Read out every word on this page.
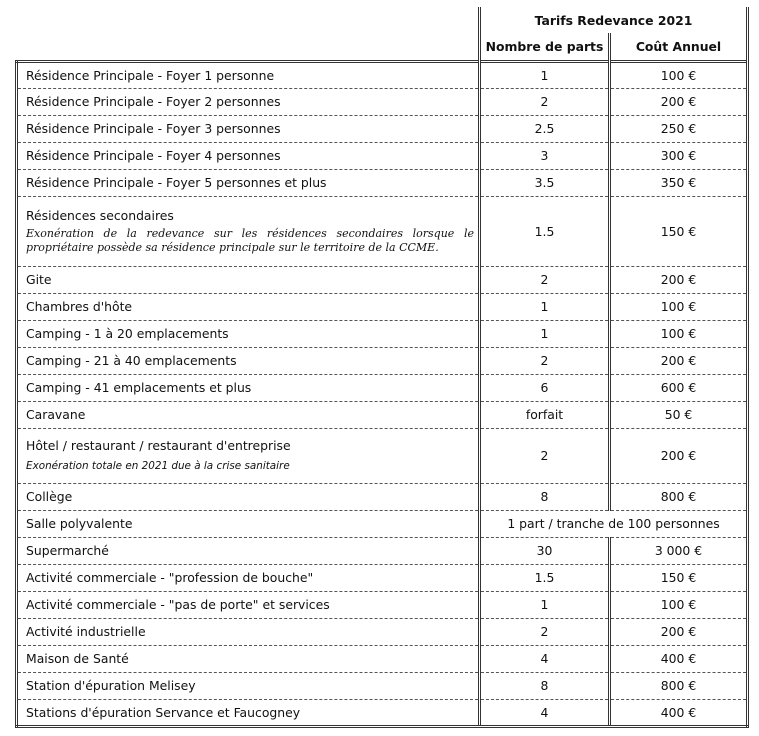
	Tarifs Redevance 2021	
	Nombre de parts	Coût Annuel
Résidence Principale - Foyer 1 personne	1	100 €
Résidence Principale - Foyer 2 personnes	2	200 €
Résidence Principale - Foyer 3 personnes	2.5	250 €
Résidence Principale - Foyer 4 personnes	3	300 €
Résidence Principale - Foyer 5 personnes et plus	3.5	350 €

Résidences secondaires
Exonération de la redevance sur les résidences secondaires lorsque le propriétaire possède sa résidence principale sur le territoire de la CCME.	1.5	150 €
Gite	2	200 €
Chambres d'hôte	1	100 €
Camping - 1 à 20 emplacements	1	100 €
Camping - 21 à 40 emplacements	2	200 €
Camping - 41 emplacements et plus	6	600 €
Caravane	forfait	50 €

Hôtel / restaurant / restaurant d'entreprise
Exonération totale en 2021 due à la crise sanitaire	2	200 €
Collège	8	800 €
Salle polyvalente	1 part / tranche de 100 personnes	
Supermarché	30	3 000 €
Activité commerciale - "profession de bouche"	1.5	150 €
Activité commerciale - "pas de porte" et services	1	100 €
Activité industrielle	2	200 €
Maison de Santé	4	400 €
Station d'épuration Melisey	8	800 €
Stations d'épuration Servance et Faucogney	4	400 €
